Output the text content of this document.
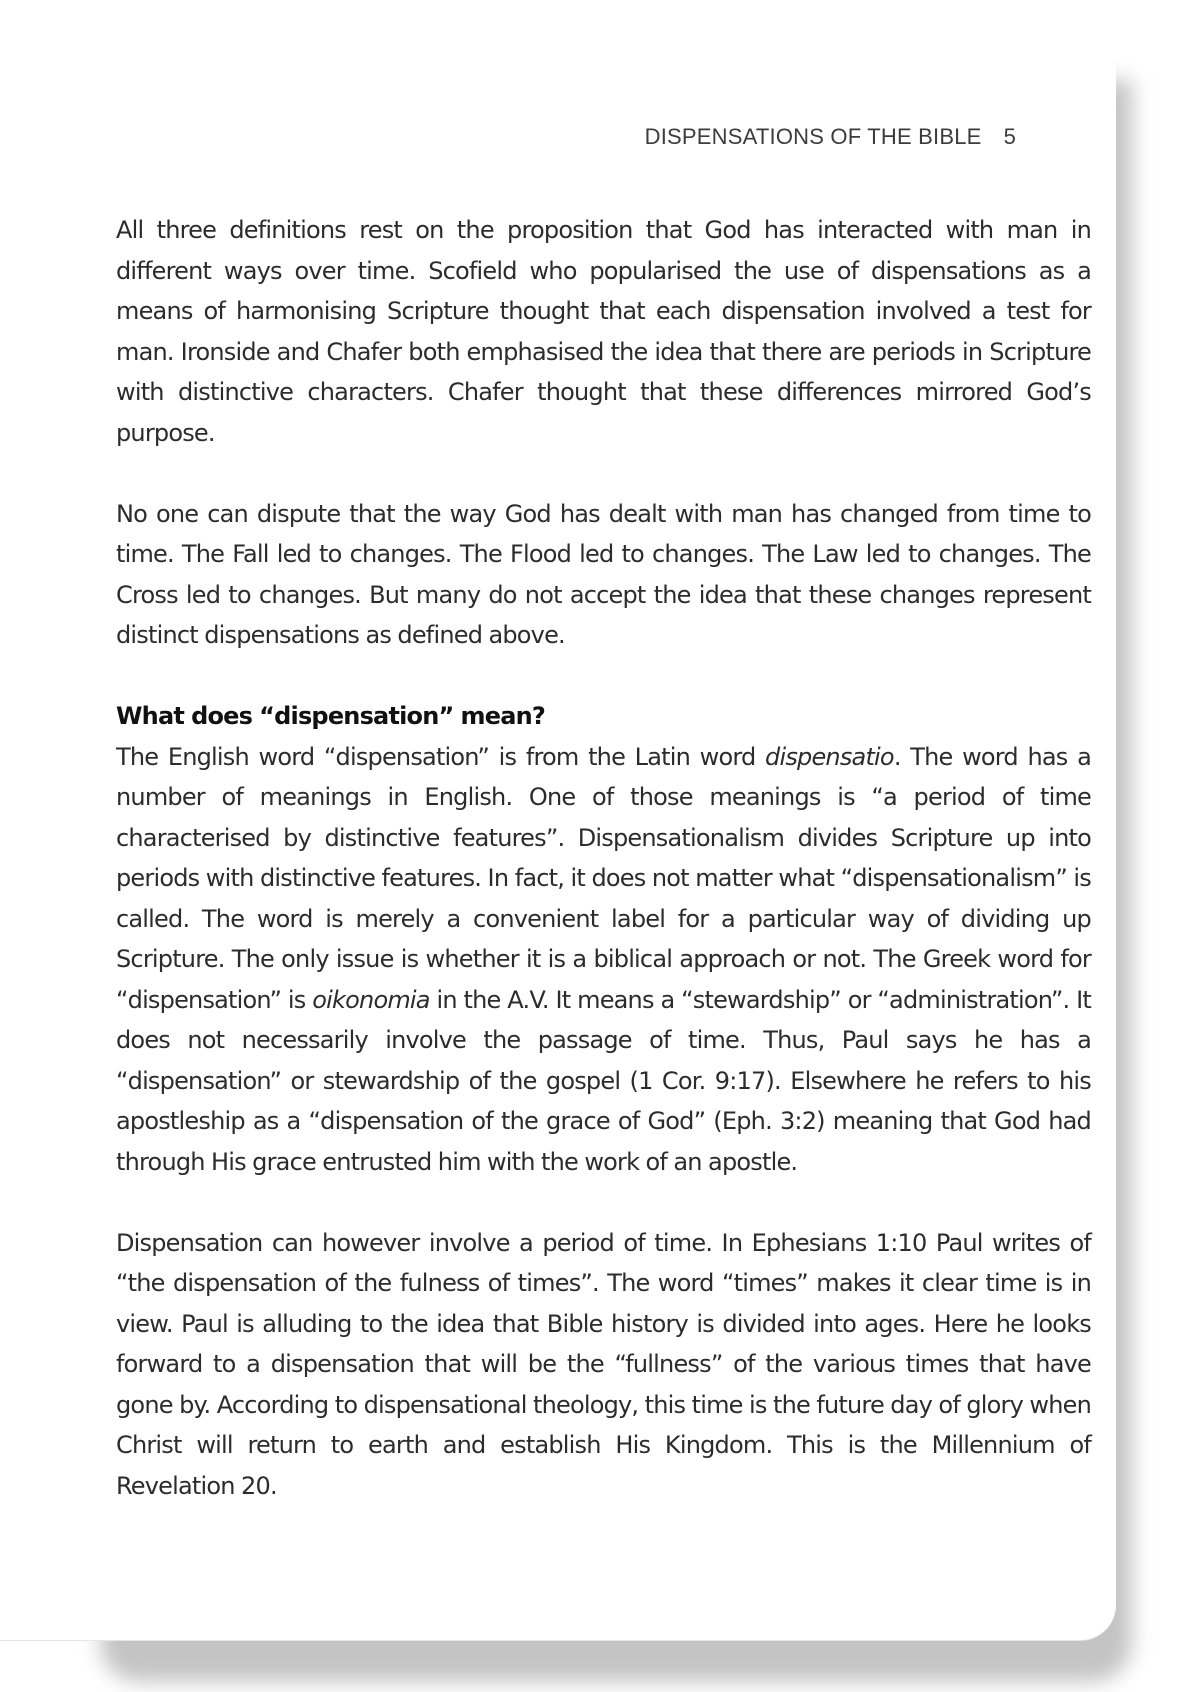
DISPENSATIONS OF THE BIBLE 5

All three definitions rest on the proposition that God has interacted with man in different ways over time. Scofield who popularised the use of dispensations as a means of harmonising Scripture thought that each dispensation involved a test for man. Ironside and Chafer both emphasised the idea that there are periods in Scripture with distinctive characters. Chafer thought that these differences mirrored God’s purpose.

No one can dispute that the way God has dealt with man has changed from time to time. The Fall led to changes. The Flood led to changes. The Law led to changes. The Cross led to changes. But many do not accept the idea that these changes represent distinct dispensations as defined above.

What does “dispensation” mean?

The English word “dispensation” is from the Latin word dispensatio. The word has a number of meanings in English. One of those meanings is “a period of time characterised by distinctive features”. Dispensationalism divides Scripture up into periods with distinctive features. In fact, it does not matter what “dispensationalism” is called. The word is merely a convenient label for a particular way of dividing up Scripture. The only issue is whether it is a biblical approach or not. The Greek word for “dispensation” is oikonomia in the A.V. It means a “stewardship” or “administration”. It does not necessarily involve the passage of time. Thus, Paul says he has a “dispensation” or stewardship of the gospel (1 Cor. 9:17). Elsewhere he refers to his apostleship as a “dispensation of the grace of God” (Eph. 3:2) meaning that God had through His grace entrusted him with the work of an apostle.

Dispensation can however involve a period of time. In Ephesians 1:10 Paul writes of “the dispensation of the fulness of times”. The word “times” makes it clear time is in view. Paul is alluding to the idea that Bible history is divided into ages. Here he looks forward to a dispensation that will be the “fullness” of the various times that have gone by. According to dispensational theology, this time is the future day of glory when Christ will return to earth and establish His Kingdom. This is the Millennium of Revelation 20.
